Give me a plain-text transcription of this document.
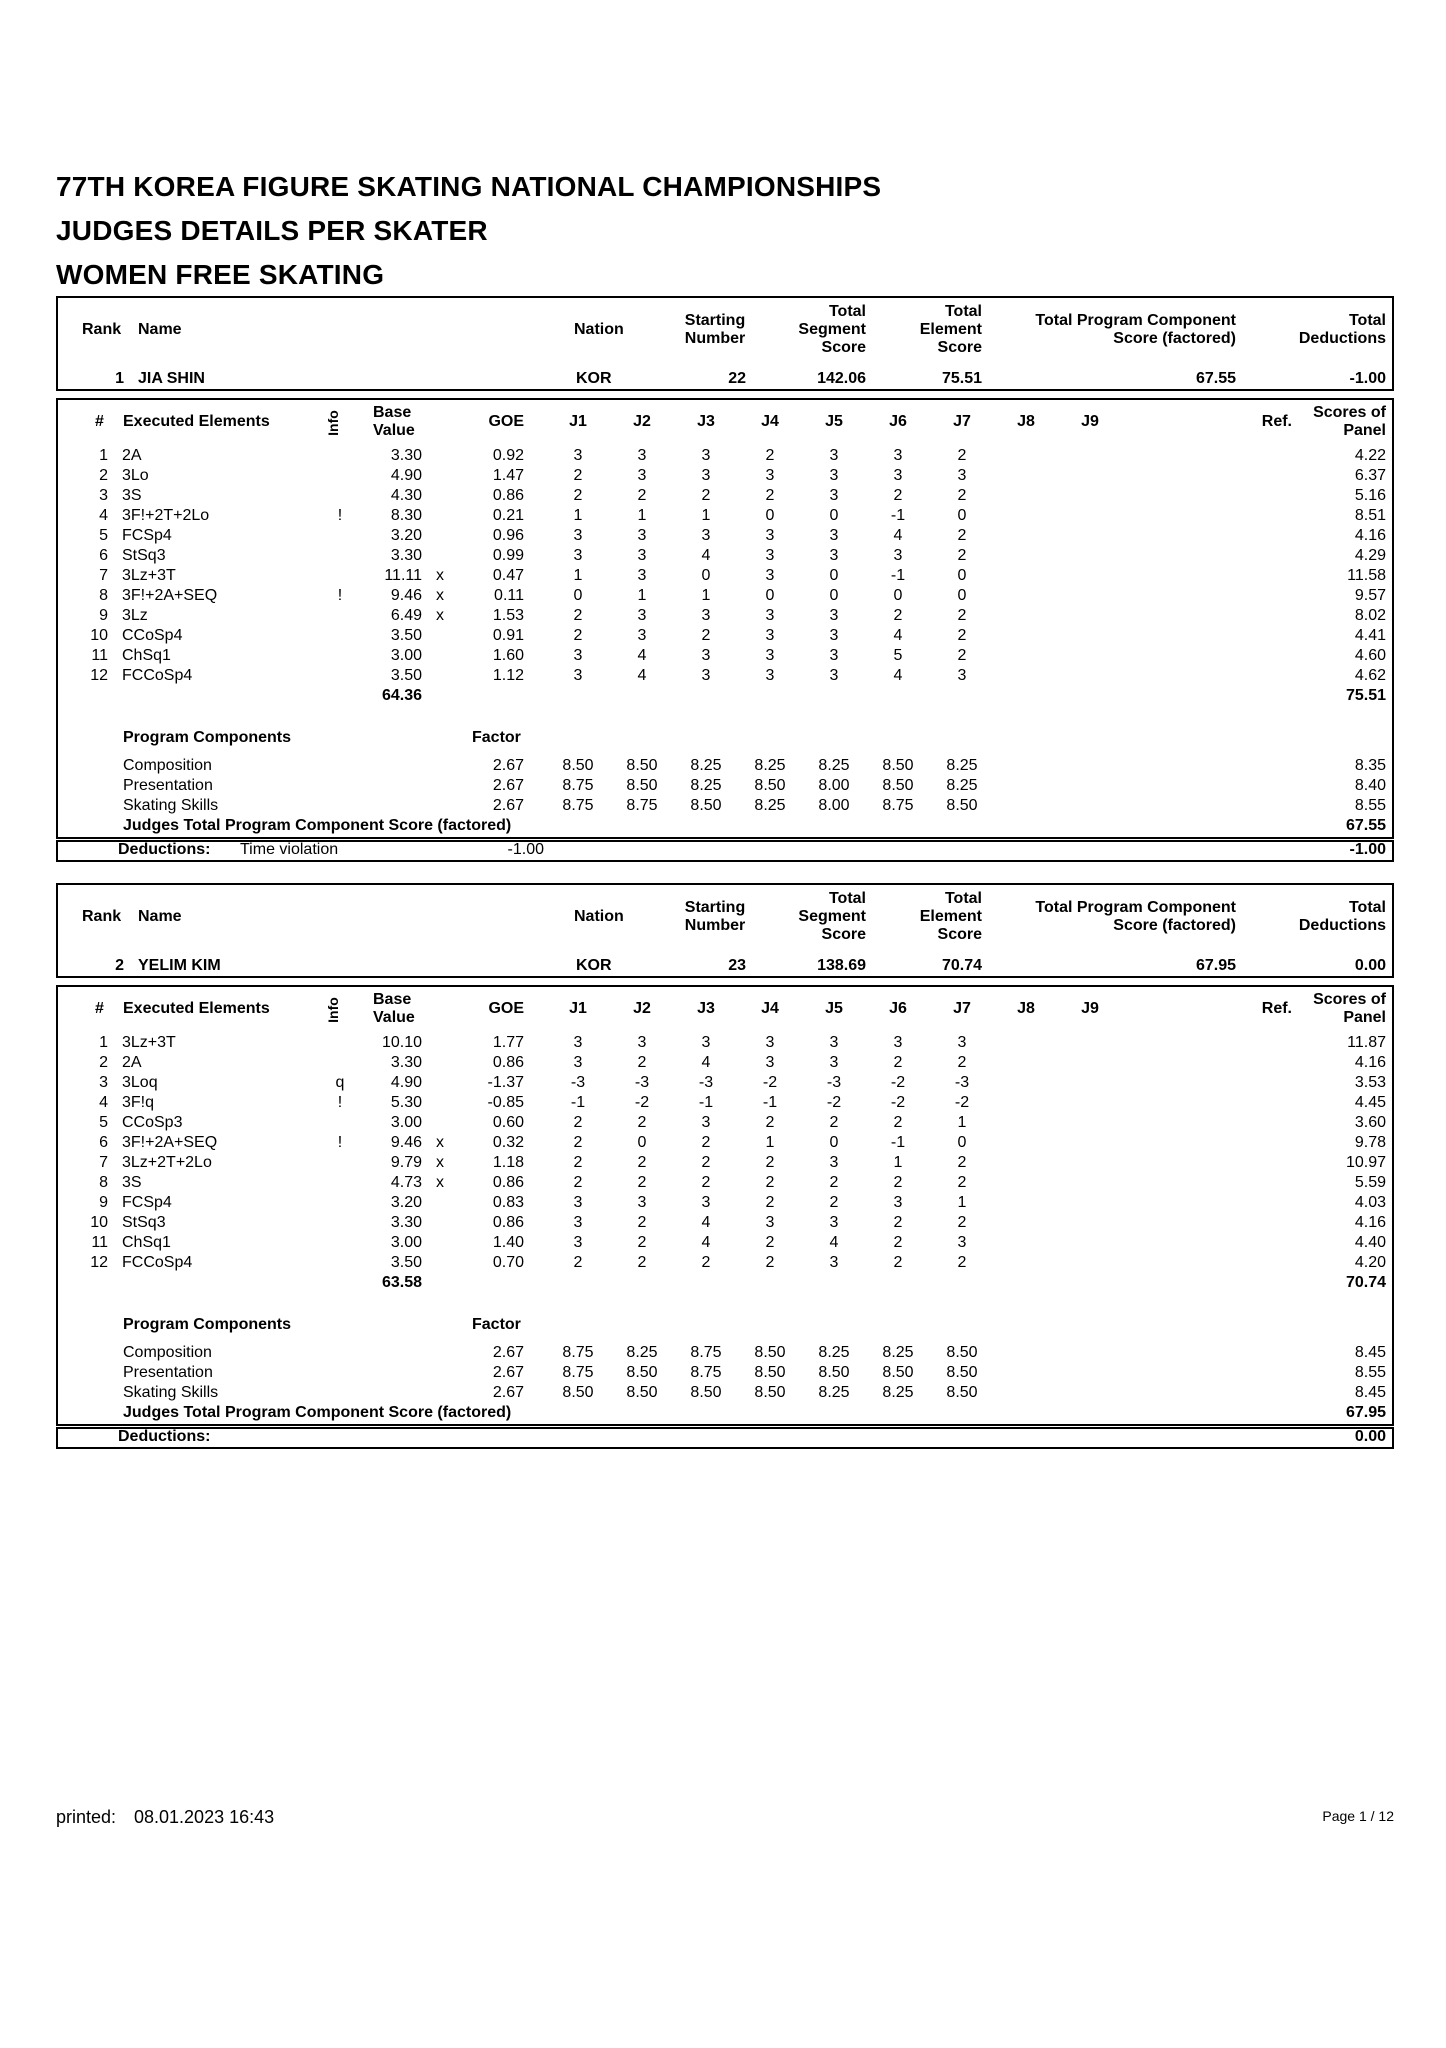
77TH KOREA FIGURE SKATING NATIONAL CHAMPIONSHIPS
JUDGES DETAILS PER SKATER
WOMEN FREE SKATING
Rank Name	Nation
Starting
Number
Total
Segment
Score
Total
Element
Score
Total Program Component
Score (factored)
Total
Deductions
1 JIA SHIN	KOR	22	142.06	75.51	67.55	-1.00
# Executed Elements	Info Base
Value
GOE	J1	J2	J3	J4	J5	J6	J7	J8	J9	Ref.
Scores of
Panel
1 2A	3.30	0.92	3	3	3	2	3	3	2	4.22
2 3Lo	4.90	1.47	2	3	3	3	3	3	3	6.37
3 3S	4.30	0.86	2	2	2	2	3	2	2	5.16
4 3F!+2T+2Lo	!	8.30	0.21	1	1	1	0	0	-1	0	8.51
5 FCSp4	3.20	0.96	3	3	3	3	3	4	2	4.16
6 StSq3	3.30	0.99	3	3	4	3	3	3	2	4.29
7 3Lz+3T	11.11 x	0.47	1	3	0	3	0	-1	0	11.58
8 3F!+2A+SEQ	!	9.46 x	0.11	0	1	1	0	0	0	0	9.57
9 3Lz	6.49 x	1.53	2	3	3	3	3	2	2	8.02
10 CCoSp4	3.50	0.91	2	3	2	3	3	4	2	4.41
11 ChSq1	3.00	1.60	3	4	3	3	3	5	2	4.60
12 FCCoSp4	3.50	1.12	3	4	3	3	3	4	3	4.62
64.36	75.51
Program Components	Factor
Composition	2.67	8.50	8.50	8.25	8.25	8.25	8.50	8.25	8.35
Presentation	2.67	8.75	8.50	8.25	8.50	8.00	8.50	8.25	8.40
Skating Skills	2.67	8.75	8.75	8.50	8.25	8.00	8.75	8.50	8.55
Judges Total Program Component Score (factored)	67.55
Deductions: Time violation	-1.00	-1.00
Rank Name	Nation
Starting
Number
Total
Segment
Score
Total
Element
Score
Total Program Component
Score (factored)
Total
Deductions
2 YELIM KIM	KOR	23	138.69	70.74	67.95	0.00
# Executed Elements	Info Base
Value
GOE	J1	J2	J3	J4	J5	J6	J7	J8	J9	Ref.
Scores of
Panel
1 3Lz+3T	10.10	1.77	3	3	3	3	3	3	3	11.87
2 2A	3.30	0.86	3	2	4	3	3	2	2	4.16
3 3Loq	q	4.90	-1.37	-3	-3	-3	-2	-3	-2	-3	3.53
4 3F!q	!	5.30	-0.85	-1	-2	-1	-1	-2	-2	-2	4.45
5 CCoSp3	3.00	0.60	2	2	3	2	2	2	1	3.60
6 3F!+2A+SEQ	!	9.46 x	0.32	2	0	2	1	0	-1	0	9.78
7 3Lz+2T+2Lo	9.79 x	1.18	2	2	2	2	3	1	2	10.97
8 3S	4.73 x	0.86	2	2	2	2	2	2	2	5.59
9 FCSp4	3.20	0.83	3	3	3	2	2	3	1	4.03
10 StSq3	3.30	0.86	3	2	4	3	3	2	2	4.16
11 ChSq1	3.00	1.40	3	2	4	2	4	2	3	4.40
12 FCCoSp4	3.50	0.70	2	2	2	2	3	2	2	4.20
63.58	70.74
Program Components	Factor
Composition	2.67	8.75	8.25	8.75	8.50	8.25	8.25	8.50	8.45
Presentation	2.67	8.75	8.50	8.75	8.50	8.50	8.50	8.50	8.55
Skating Skills	2.67	8.50	8.50	8.50	8.50	8.25	8.25	8.50	8.45
Judges Total Program Component Score (factored)	67.95
Deductions:	0.00
printed: 08.01.2023 16:43	Page 1 / 12
